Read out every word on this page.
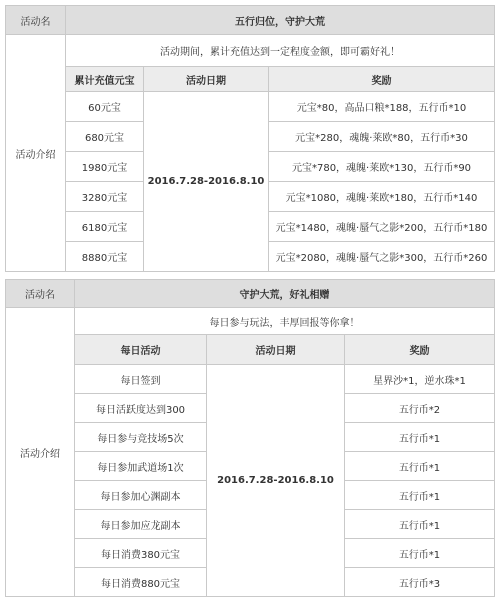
活动名	五行归位，守护大荒		
活动介绍	活动期间，累计充值达到一定程度金额，即可霸好礼！		
	累计充值元宝	活动日期	奖励
	60元宝	2016.7.28-2016.8.10	元宝*80，高品口粮*188，五行币*10
	680元宝		元宝*280，魂魄·莱欧*80，五行币*30
	1980元宝		元宝*780，魂魄·莱欧*130，五行币*90
	3280元宝		元宝*1080，魂魄·莱欧*180，五行币*140
	6180元宝		元宝*1480，魂魄·蜃气之影*200，五行币*180
	8880元宝		元宝*2080，魂魄·蜃气之影*300，五行币*260
活动名	守护大荒，好礼相赠		
活动介绍	每日参与玩法，丰厚回报等你拿！		
	每日活动	活动日期	奖励
	每日签到	2016.7.28-2016.8.10	星界沙*1，逆水珠*1
	每日活跃度达到300		五行币*2
	每日参与竞技场5次		五行币*1
	每日参加武道场1次		五行币*1
	每日参加心渊副本		五行币*1
	每日参加应龙副本		五行币*1
	每日消费380元宝		五行币*1
	每日消费880元宝		五行币*3
